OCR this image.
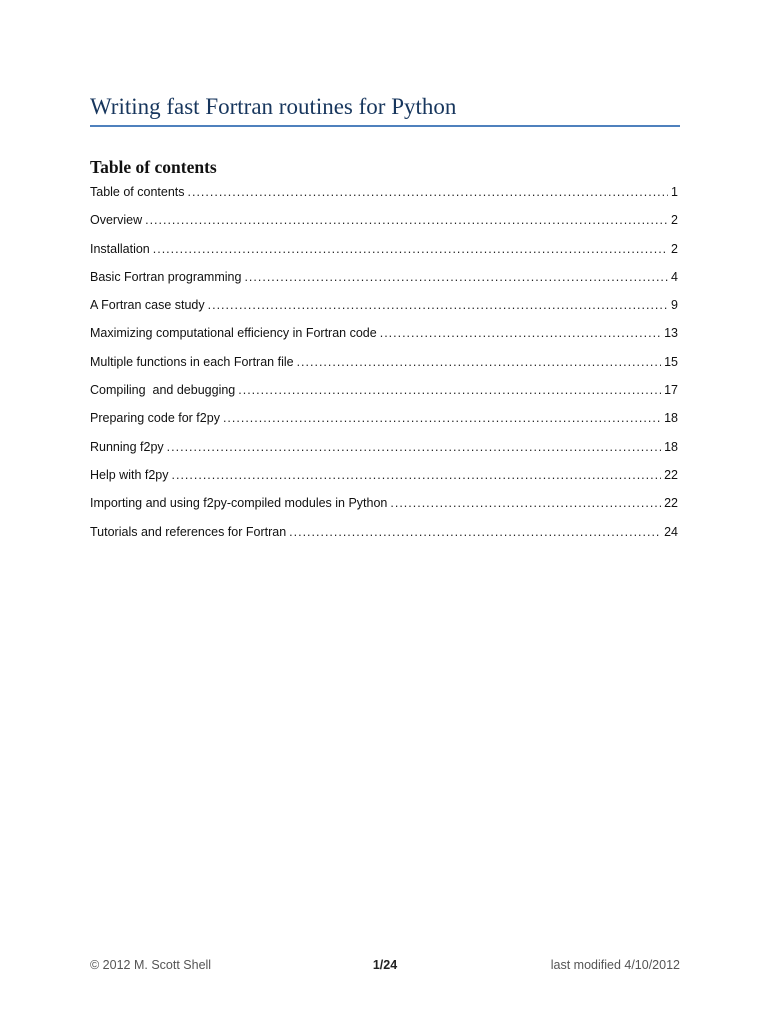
Writing fast Fortran routines for Python
Table of contents
Table of contents .....	1
Overview .....	2
Installation .....	2
Basic Fortran programming .....	4
A Fortran case study .....	9
Maximizing computational efficiency in Fortran code .....	13
Multiple functions in each Fortran file .....	15
Compiling  and debugging .....	17
Preparing code for f2py .....	18
Running f2py .....	18
Help with f2py .....	22
Importing and using f2py-compiled modules in Python .....	22
Tutorials and references for Fortran .....	24
© 2012 M. Scott Shell	1/24	last modified 4/10/2012
